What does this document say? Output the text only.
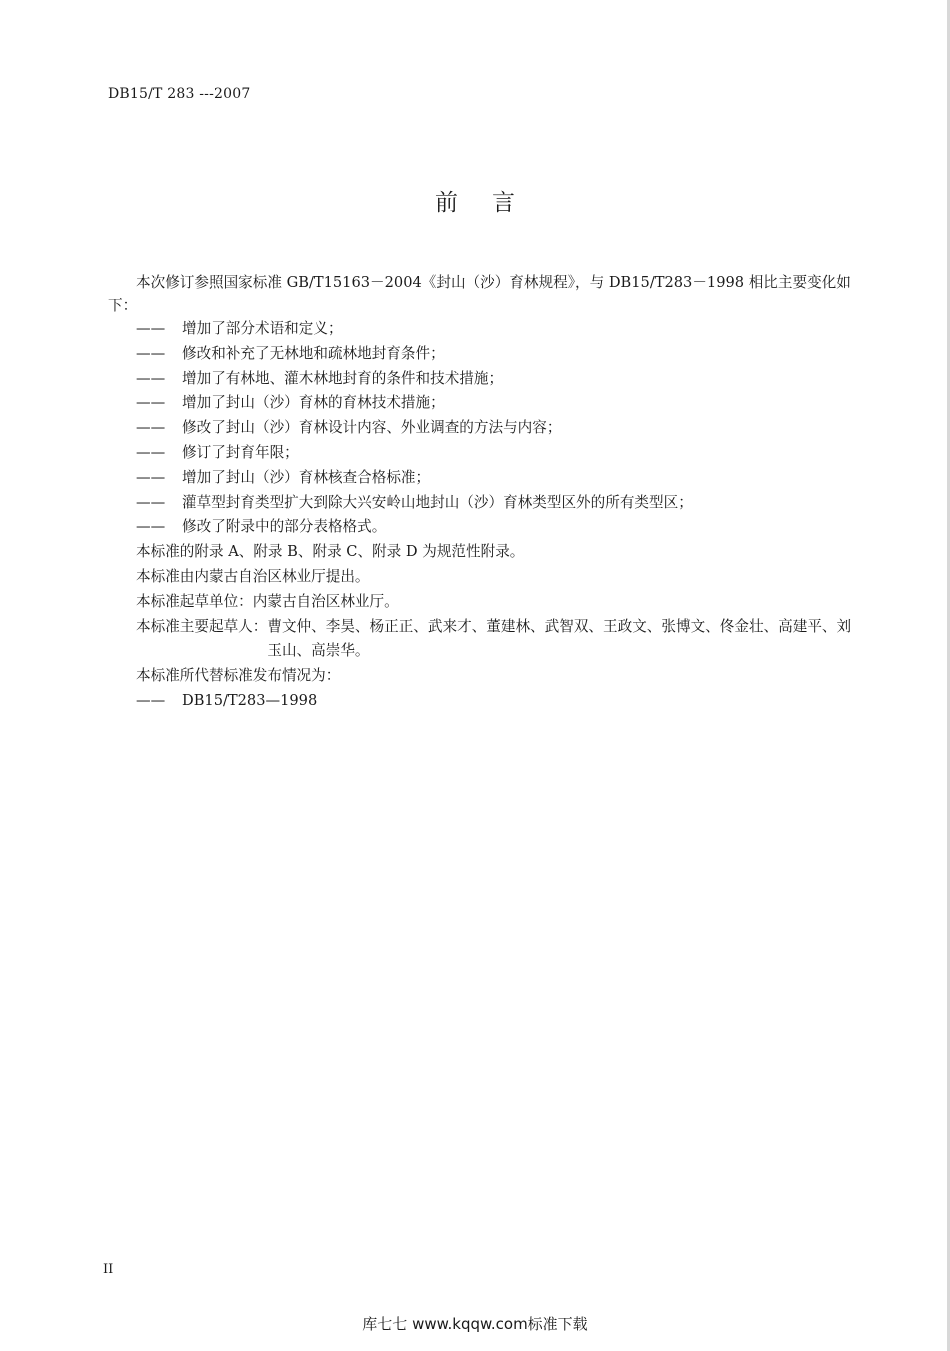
DB15/T 283 ---2007
前言

本次修订参照国家标准 GB/T15163－2004《封山（沙）育林规程》，与 DB15/T283－1998 相比主要变化如下：

—— 增加了部分术语和定义；
—— 修改和补充了无林地和疏林地封育条件；
—— 增加了有林地、灌木林地封育的条件和技术措施；
—— 增加了封山（沙）育林的育林技术措施；
—— 修改了封山（沙）育林设计内容、外业调查的方法与内容；
—— 修订了封育年限；
—— 增加了封山（沙）育林核查合格标准；
—— 灌草型封育类型扩大到除大兴安岭山地封山（沙）育林类型区外的所有类型区；
—— 修改了附录中的部分表格格式。
本标准的附录 A、附录 B、附录 C、附录 D 为规范性附录。
本标准由内蒙古自治区林业厅提出。
本标准起草单位：内蒙古自治区林业厅。
本标准主要起草人： 曹文仲、李昊、杨正正、武来才、董建林、武智双、王政文、张博文、佟金壮、高建平、刘玉山、高崇华。
本标准所代替标准发布情况为：
—— DB15/T283—1998
II
库七七 www.kqqw.com标准下载
